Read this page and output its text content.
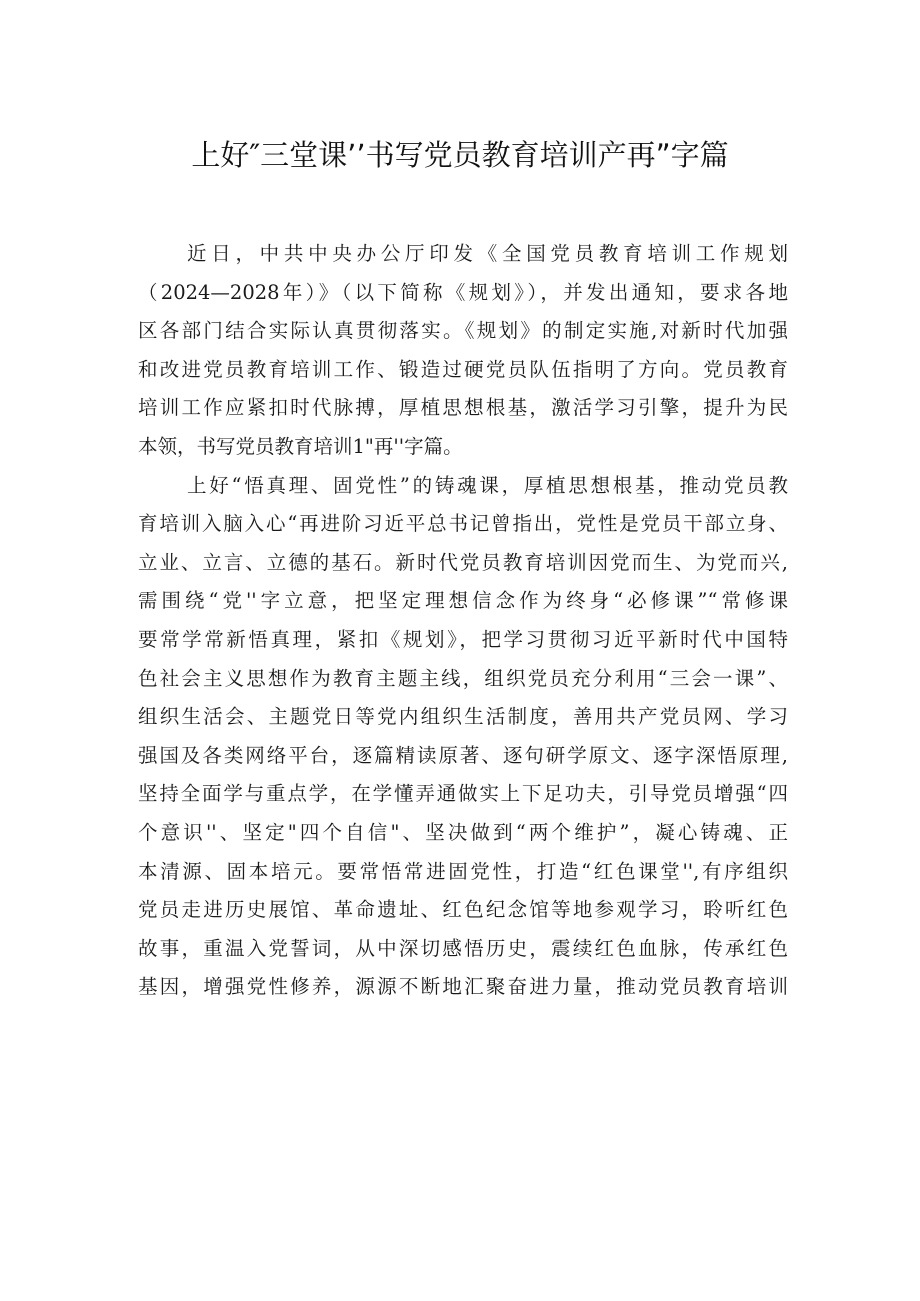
上好″三堂课’’书写党员教育培训产再”字篇
近日，中共中央办公厅印发《全国党员教育培训工作规划
（2024—2028年）》（以下简称《规划》），并发出通知，要求各地
区各部门结合实际认真贯彻落实。《规划》的制定实施,对新时代加强
和改进党员教育培训工作、锻造过硬党员队伍指明了方向。党员教育
培训工作应紧扣时代脉搏，厚植思想根基，激活学习引擎，提升为民
本领，书写党员教育培训1"再''字篇。
上好“悟真理、固党性”的铸魂课，厚植思想根基，推动党员教
育培训入脑入心“再进阶习近平总书记曾指出，党性是党员干部立身、
立业、立言、立德的基石。新时代党员教育培训因党而生、为党而兴,
需围绕“党''字立意，把坚定理想信念作为终身“必修课”“常修课
要常学常新悟真理，紧扣《规划》，把学习贯彻习近平新时代中国特
色社会主义思想作为教育主题主线，组织党员充分利用“三会一课”、
组织生活会、主题党日等党内组织生活制度，善用共产党员网、学习
强国及各类网络平台，逐篇精读原著、逐句研学原文、逐字深悟原理,
坚持全面学与重点学，在学懂弄通做实上下足功夫，引导党员增强“四
个意识''、坚定"四个自信"、坚决做到“两个维护”，凝心铸魂、正
本清源、固本培元。要常悟常进固党性，打造“红色课堂'',有序组织
党员走进历史展馆、革命遗址、红色纪念馆等地参观学习，聆听红色
故事，重温入党誓词，从中深切感悟历史，震续红色血脉，传承红色
基因，增强党性修养，源源不断地汇聚奋进力量，推动党员教育培训
